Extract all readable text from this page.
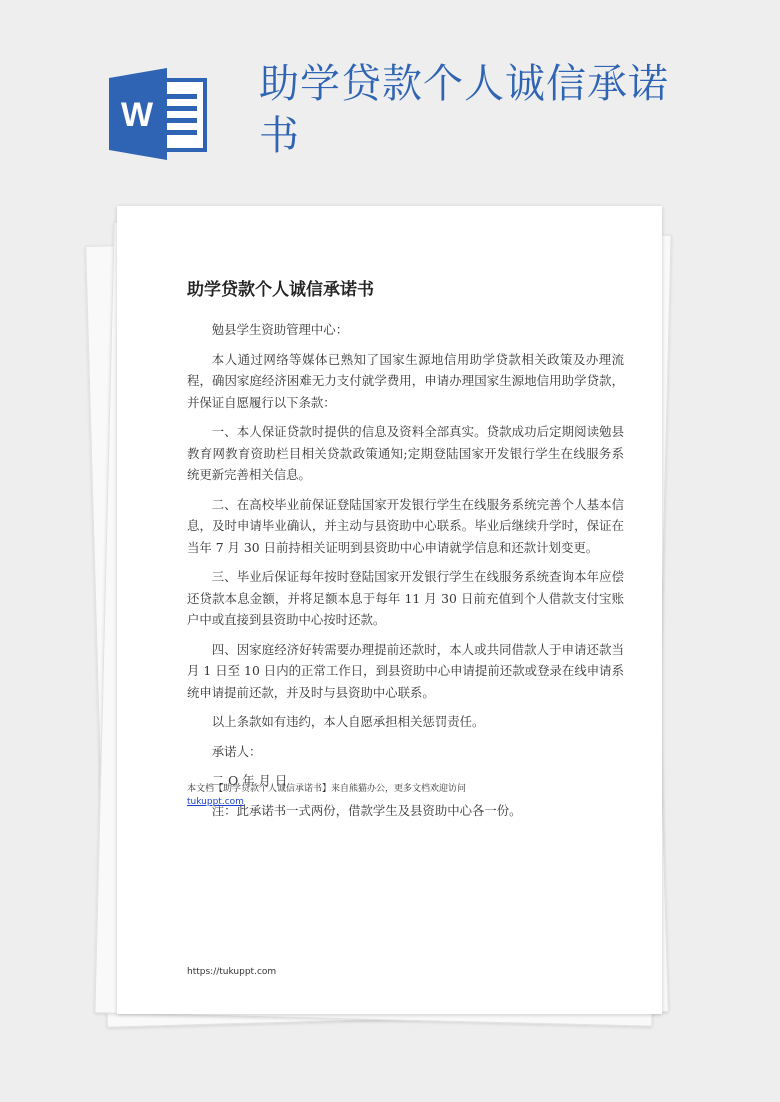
W
助学贷款个人诚信承诺书
助学贷款个人诚信承诺书

勉县学生资助管理中心：

本人通过网络等媒体已熟知了国家生源地信用助学贷款相关政策及办理流程，确因家庭经济困难无力支付就学费用，申请办理国家生源地信用助学贷款，并保证自愿履行以下条款：

一、本人保证贷款时提供的信息及资料全部真实。贷款成功后定期阅读勉县教育网教育资助栏目相关贷款政策通知;定期登陆国家开发银行学生在线服务系统更新完善相关信息。

二、在高校毕业前保证登陆国家开发银行学生在线服务系统完善个人基本信息，及时申请毕业确认，并主动与县资助中心联系。毕业后继续升学时，保证在当年 7 月 30 日前持相关证明到县资助中心申请就学信息和还款计划变更。

三、毕业后保证每年按时登陆国家开发银行学生在线服务系统查询本年应偿还贷款本息金额，并将足额本息于每年 11 月 30 日前充值到个人借款支付宝账户中或直接到县资助中心按时还款。

四、因家庭经济好转需要办理提前还款时，本人或共同借款人于申请还款当月 1 日至 10 日内的正常工作日，到县资助中心申请提前还款或登录在线申请系统申请提前还款，并及时与县资助中心联系。

以上条款如有违约，本人自愿承担相关惩罚责任。

承诺人：

二 O 年 月 日

注：此承诺书一式两份，借款学生及县资助中心各一份。

本文档【助学贷款个人诚信承诺书】来自熊猫办公，更多文档欢迎访问
tukuppt.com
https://tukuppt.com
